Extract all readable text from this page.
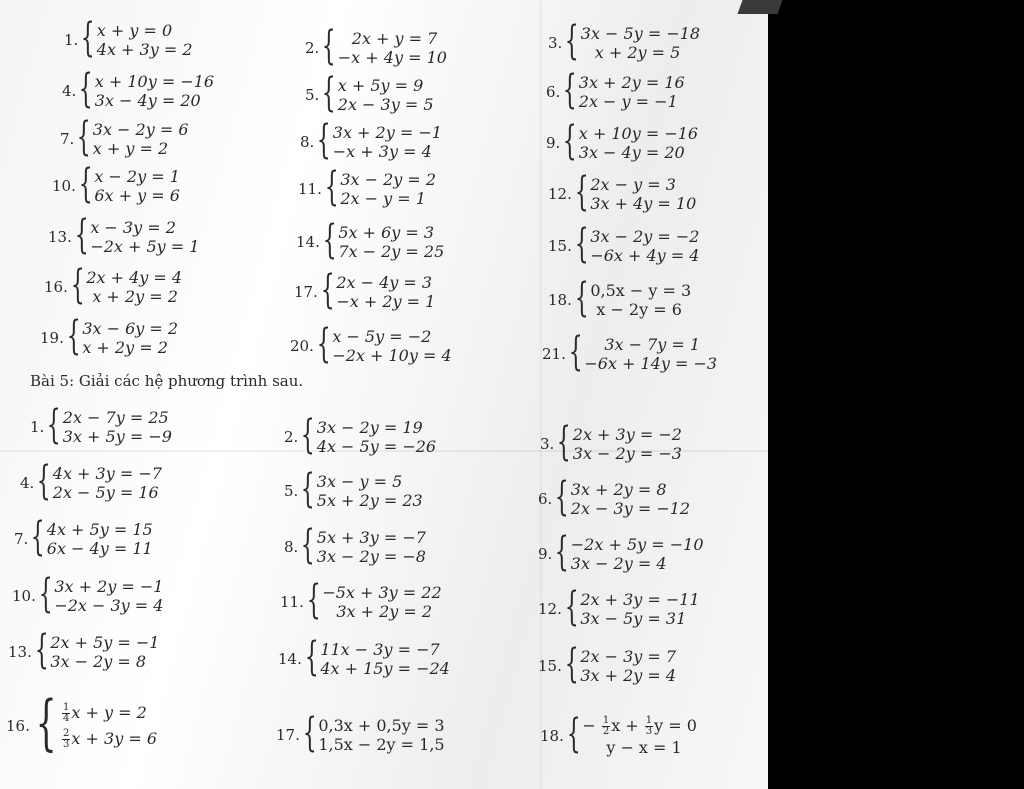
1. { x + y = 0
4x + 3y = 2	2. { 2x + y = 7
−x + 4y = 10
3. { 3x − 5y = −18
x + 2y = 5
4. { x + 10y = −16
3x − 4y = 20	5. { x + 5y = 9
2x − 3y = 5
6. { 3x + 2y = 16
2x − y = −1
7. { 3x − 2y = 6
x + y = 2	8. { 3x + 2y = −1
−x + 3y = 4	9. { x + 10y = −16
3x − 4y = 20
10. { x − 2y = 1
6x + y = 6	11. { 3x − 2y = 2
2x − y = 1	12. { 2x − y = 3
3x + 4y = 10
13. { x − 3y = 2
−2x + 5y = 1	14. { 5x + 6y = 3
7x − 2y = 25	15. { 3x − 2y = −2
−6x + 4y = 4
16. { 2x + 4y = 4
x + 2y = 2	17. { 2x − 4y = 3
−x + 2y = 1	18. { 0,5x − y = 3
x − 2y = 6
19. { 3x − 6y = 2
x + 2y = 2	20. { x − 5y = −2
−2x + 10y = 4	21. {	3x − 7y = 1
−6x + 14y = −3
Bài 5: Giải các hệ phương trình sau.
1. { 2x − 7y = 25
3x + 5y = −9	2. { 3x − 2y = 19
4x − 5y = −26	3. { 2x + 3y = −2
3x − 2y = −3
4. { 4x + 3y = −7
2x − 5y = 16	5. { 3x − y = 5
5x + 2y = 23	6. { 3x + 2y = 8
2x − 3y = −12
7. { 4x + 5y = 15
6x − 4y = 11	8. { 5x + 3y = −7
3x − 2y = −8	9. { −2x + 5y = −10
3x − 2y = 4
10. { 3x + 2y = −1
−2x − 3y = 4	11. { −5x + 3y = 22
3x + 2y = 2	12. { 2x + 3y = −11
3x − 5y = 31
13. { 2x + 5y = −1
3x − 2y = 8	14. { 11x − 3y = −7
4x + 15y = −24	15. { 2x − 3y = 7
3x + 2y = 4
16. { $\frac{1}{4}$ x + y = 2
$\frac{2}{3}$ x + 3y = 6	17. { 0,3x + 0,5y = 3
1,5x − 2y = 1,5	18. { − $\frac{1}{2}$ $x + \frac{1}{3}$ y = 0
y − x = 1
